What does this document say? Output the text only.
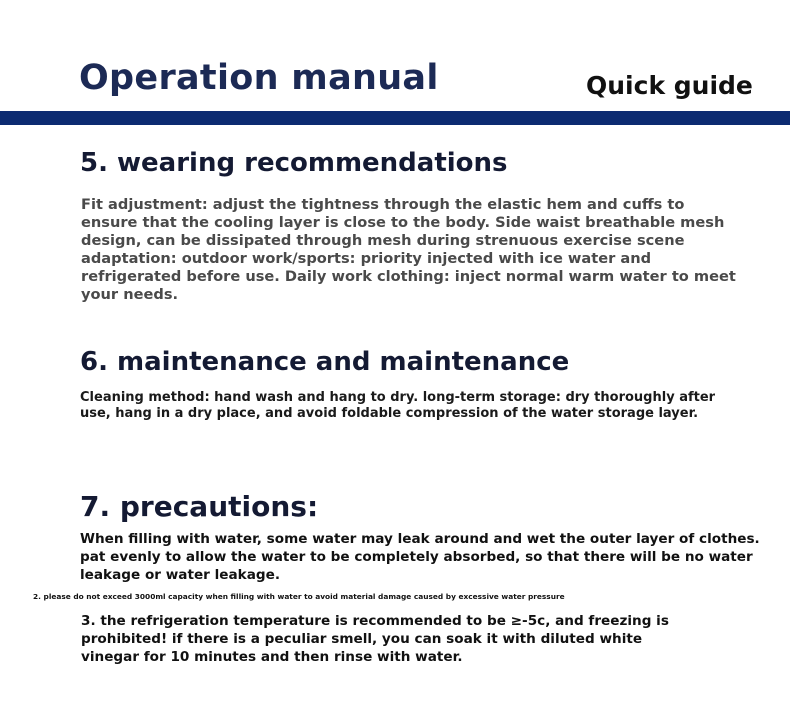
Operation manual	Quick guide
5. wearing recommendations
Fit adjustment: adjust the tightness through the elastic hem and cuffs to ensure that the cooling layer is close to the body. Side waist breathable mesh design, can be dissipated through mesh during strenuous exercise scene adaptation: outdoor work/sports: priority injected with ice water and refrigerated before use. Daily work clothing: inject normal warm water to meet your needs.
6. maintenance and maintenance
Cleaning method: hand wash and hang to dry. long-term storage: dry thoroughly after use, hang in a dry place, and avoid foldable compression of the water storage layer.
7. precautions:
When filling with water, some water may leak around and wet the outer layer of clothes. pat evenly to allow the water to be completely absorbed, so that there will be no water leakage or water leakage.
2. please do not exceed 3000ml capacity when filling with water to avoid material damage caused by excessive water pressure
3. the refrigeration temperature is recommended to be ≥-5c, and freezing is prohibited! if there is a peculiar smell, you can soak it with diluted white vinegar for 10 minutes and then rinse with water.
